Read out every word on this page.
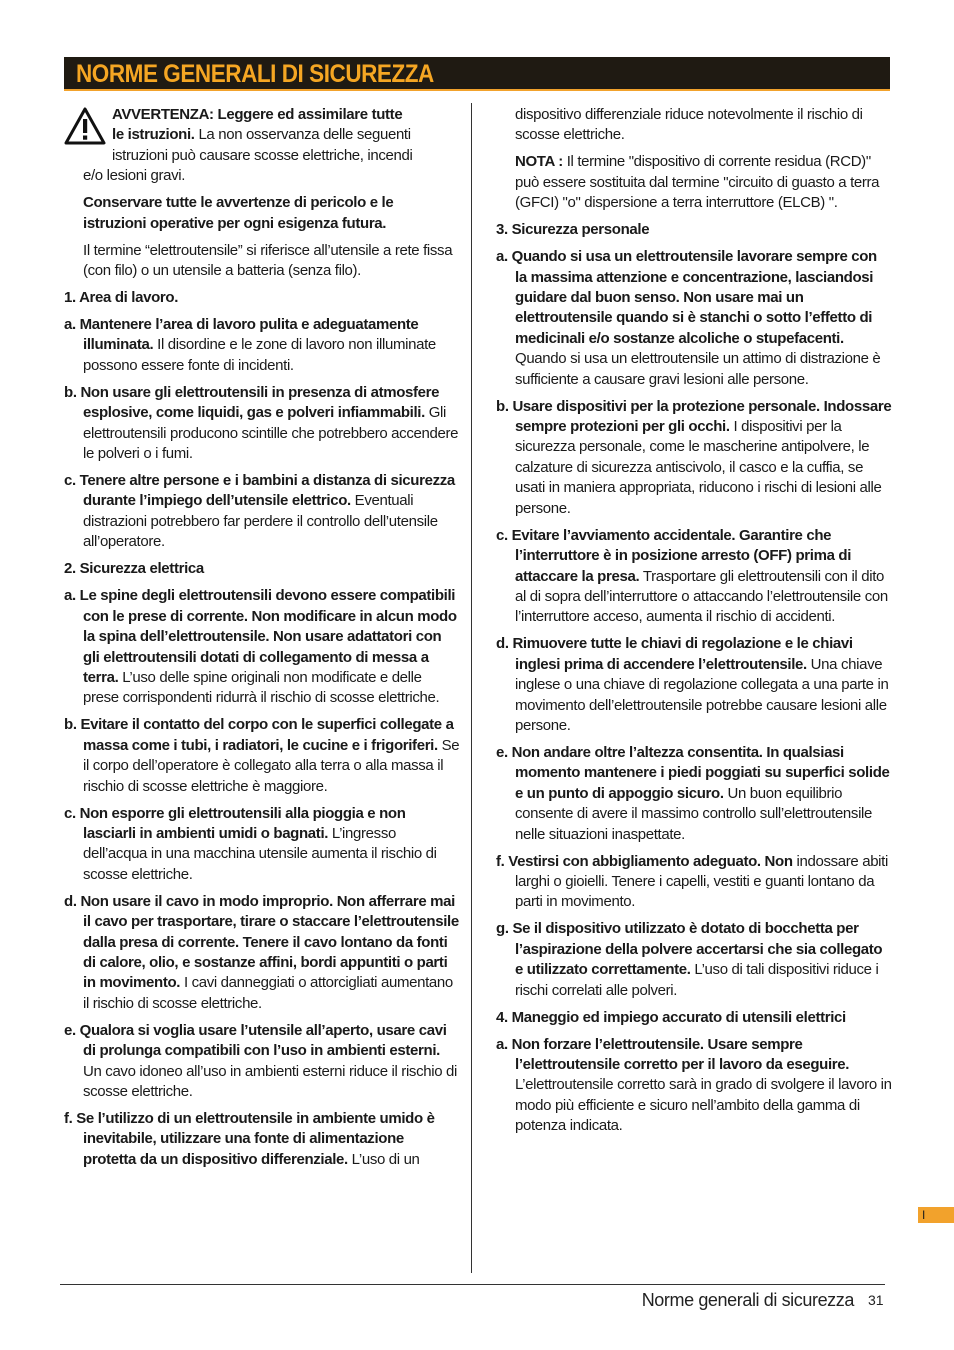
NORME GENERALI DI SICUREZZA

AVVERTENZA: Leggere ed assimilare tutte
le istruzioni. La non osservanza delle seguenti istruzioni può causare scosse elettriche, incendi

e/o lesioni gravi.

Conservare tutte le avvertenze di pericolo e le istruzioni operative per ogni esigenza futura.

Il termine “elettroutensile” si riferisce all’utensile a rete fissa (con filo) o un utensile a batteria (senza filo).

1. Area di lavoro.

a. Mantenere l’area di lavoro pulita e adeguatamente illuminata. Il disordine e le zone di lavoro non illuminate possono essere fonte di incidenti.

b. Non usare gli elettroutensili in presenza di atmosfere esplosive, come liquidi, gas e polveri infiammabili. Gli elettroutensili producono scintille che potrebbero accendere le polveri o i fumi.

c. Tenere altre persone e i bambini a distanza di sicurezza durante l’impiego dell’utensile elettrico. Eventuali distrazioni potrebbero far perdere il controllo dell’utensile all’operatore.

2. Sicurezza elettrica

a. Le spine degli elettroutensili devono essere compatibili con le prese di corrente. Non modificare in alcun modo la spina dell’elettroutensile. Non usare adattatori con gli elettroutensili dotati di collegamento di messa a terra. L’uso delle spine originali non modificate e delle prese corrispondenti ridurrà il rischio di scosse elettriche.

b. Evitare il contatto del corpo con le superfici collegate a massa come i tubi, i radiatori, le cucine e i frigoriferi. Se il corpo dell’operatore è collegato alla terra o alla massa il rischio di scosse elettriche è maggiore.

c. Non esporre gli elettroutensili alla pioggia e non lasciarli in ambienti umidi o bagnati. L’ingresso dell’acqua in una macchina utensile aumenta il rischio di scosse elettriche.

d. Non usare il cavo in modo improprio. Non afferrare mai il cavo per trasportare, tirare o staccare l’elettroutensile dalla presa di corrente. Tenere il cavo lontano da fonti di calore, olio, e sostanze affini, bordi appuntiti o parti in movimento. I cavi danneggiati o attorcigliati aumentano il rischio di scosse elettriche.

e. Qualora si voglia usare l’utensile all’aperto, usare cavi di prolunga compatibili con l’uso in ambienti esterni. Un cavo idoneo all’uso in ambienti esterni riduce il rischio di scosse elettriche.

f. Se l’utilizzo di un elettroutensile in ambiente umido è inevitabile, utilizzare una fonte di alimentazione protetta da un dispositivo differenziale. L’uso di un

dispositivo differenziale riduce notevolmente il rischio di scosse elettriche.

NOTA : Il termine "dispositivo di corrente residua (RCD)" può essere sostituita dal termine "circuito di guasto a terra (GFCI) "o" dispersione a terra interruttore (ELCB) ".

3. Sicurezza personale

a. Quando si usa un elettroutensile lavorare sempre con la massima attenzione e concentrazione, lasciandosi guidare dal buon senso. Non usare mai un elettroutensile quando si è stanchi o sotto l’effetto di medicinali e/o sostanze alcoliche o stupefacenti. Quando si usa un elettroutensile un attimo di distrazione è sufficiente a causare gravi lesioni alle persone.

b. Usare dispositivi per la protezione personale. Indossare sempre protezioni per gli occhi. I dispositivi per la sicurezza personale, come le mascherine antipolvere, le calzature di sicurezza antiscivolo, il casco e la cuffia, se usati in maniera appropriata, riducono i rischi di lesioni alle persone.

c. Evitare l’avviamento accidentale. Garantire che l’interruttore è in posizione arresto (OFF) prima di attaccare la presa. Trasportare gli elettroutensili con il dito al di sopra dell’interruttore o attaccando l’elettroutensile con l’interruttore acceso, aumenta il rischio di accidenti.

d. Rimuovere tutte le chiavi di regolazione e le chiavi inglesi prima di accendere l’elettroutensile. Una chiave inglese o una chiave di regolazione collegata a una parte in movimento dell’elettroutensile potrebbe causare lesioni alle persone.

e. Non andare oltre l’altezza consentita. In qualsiasi momento mantenere i piedi poggiati su superfici solide e un punto di appoggio sicuro. Un buon equilibrio consente di avere il massimo controllo sull’elettroutensile nelle situazioni inaspettate.

f. Vestirsi con abbigliamento adeguato. Non indossare abiti larghi o gioielli. Tenere i capelli, vestiti e guanti lontano da parti in movimento.

g. Se il dispositivo utilizzato è dotato di bocchetta per l’aspirazione della polvere accertarsi che sia collegato e utilizzato correttamente. L’uso di tali dispositivi riduce i rischi correlati alle polveri.

4. Maneggio ed impiego accurato di utensili elettrici

a. Non forzare l’elettroutensile. Usare sempre l’elettroutensile corretto per il lavoro da eseguire. L’elettroutensile corretto sarà in grado di svolgere il lavoro in modo più efficiente e sicuro nell’ambito della gamma di potenza indicata.

I
Norme generali di sicurezza 31
